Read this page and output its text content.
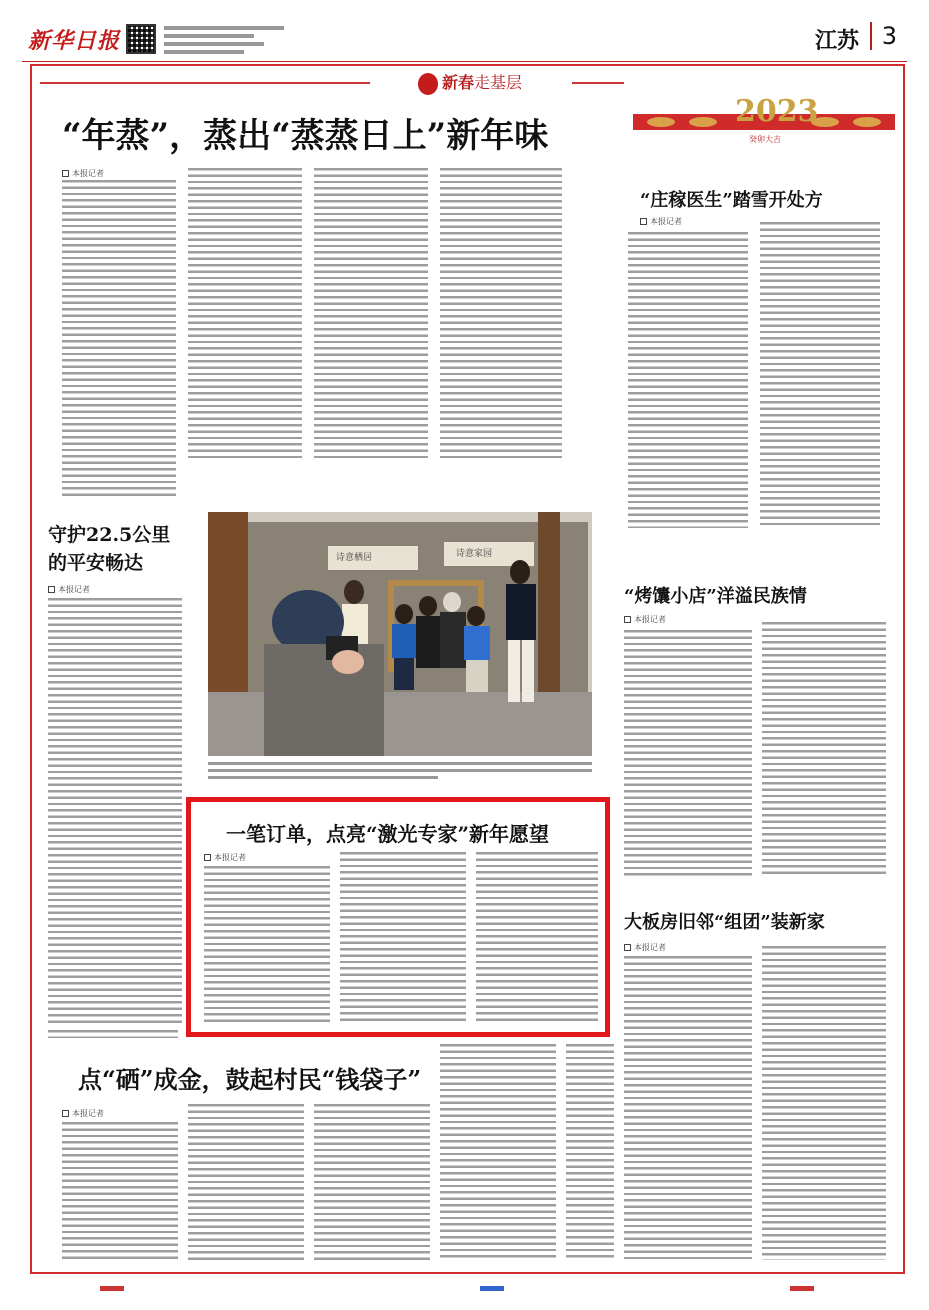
新华日报	江苏 3
新春走基层
2023
癸卯大吉
“年蒸”，蒸出“蒸蒸日上”新年味
本报记者
“庄稼医生”踏雪开处方
本报记者
守护22.5公里
的平安畅达
本报记者
诗意栖居	诗意家园
“烤馕小店”洋溢民族情
本报记者
一笔订单，点亮“激光专家”新年愿望
本报记者
大板房旧邻“组团”装新家
本报记者
点“硒”成金，鼓起村民“钱袋子”
本报记者
